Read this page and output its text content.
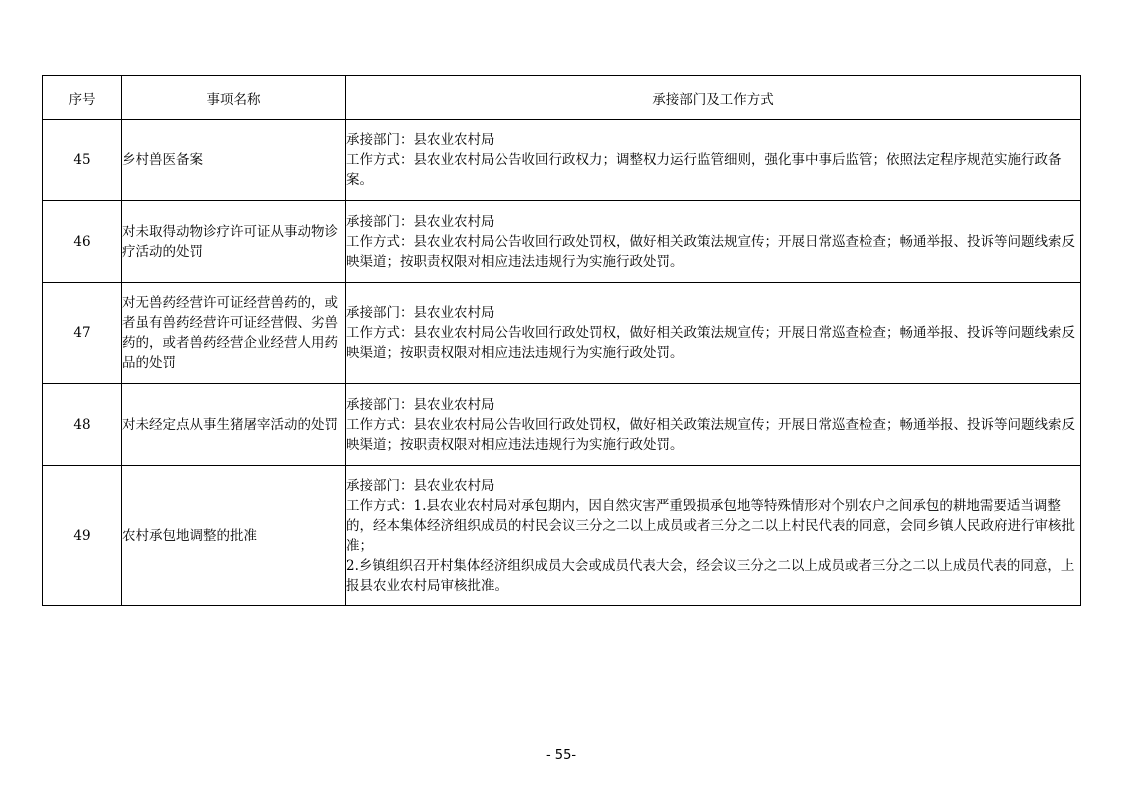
序号	事项名称	承接部门及工作方式
45	乡村兽医备案	承接部门：县农业农村局
工作方式：县农业农村局公告收回行政权力；调整权力运行监管细则，强化事中事后监管；依照法定程序规范实施行政备案。

46	对未取得动物诊疗许可证从事动物诊疗活动的处罚	承接部门：县农业农村局
工作方式：县农业农村局公告收回行政处罚权，做好相关政策法规宣传；开展日常巡查检查；畅通举报、投诉等问题线索反映渠道；按职责权限对相应违法违规行为实施行政处罚。

47	对无兽药经营许可证经营兽药的，或者虽有兽药经营许可证经营假、劣兽药的，或者兽药经营企业经营人用药品的处罚	承接部门：县农业农村局
工作方式：县农业农村局公告收回行政处罚权，做好相关政策法规宣传；开展日常巡查检查；畅通举报、投诉等问题线索反映渠道；按职责权限对相应违法违规行为实施行政处罚。

48	对未经定点从事生猪屠宰活动的处罚	承接部门：县农业农村局
工作方式：县农业农村局公告收回行政处罚权，做好相关政策法规宣传；开展日常巡查检查；畅通举报、投诉等问题线索反映渠道；按职责权限对相应违法违规行为实施行政处罚。

49	农村承包地调整的批准	承接部门：县农业农村局
工作方式：1.县农业农村局对承包期内，因自然灾害严重毁损承包地等特殊情形对个别农户之间承包的耕地需要适当调整的，经本集体经济组织成员的村民会议三分之二以上成员或者三分之二以上村民代表的同意，会同乡镇人民政府进行审核批准；
2.乡镇组织召开村集体经济组织成员大会或成员代表大会，经会议三分之二以上成员或者三分之二以上成员代表的同意，上报县农业农村局审核批准。
- 55-
